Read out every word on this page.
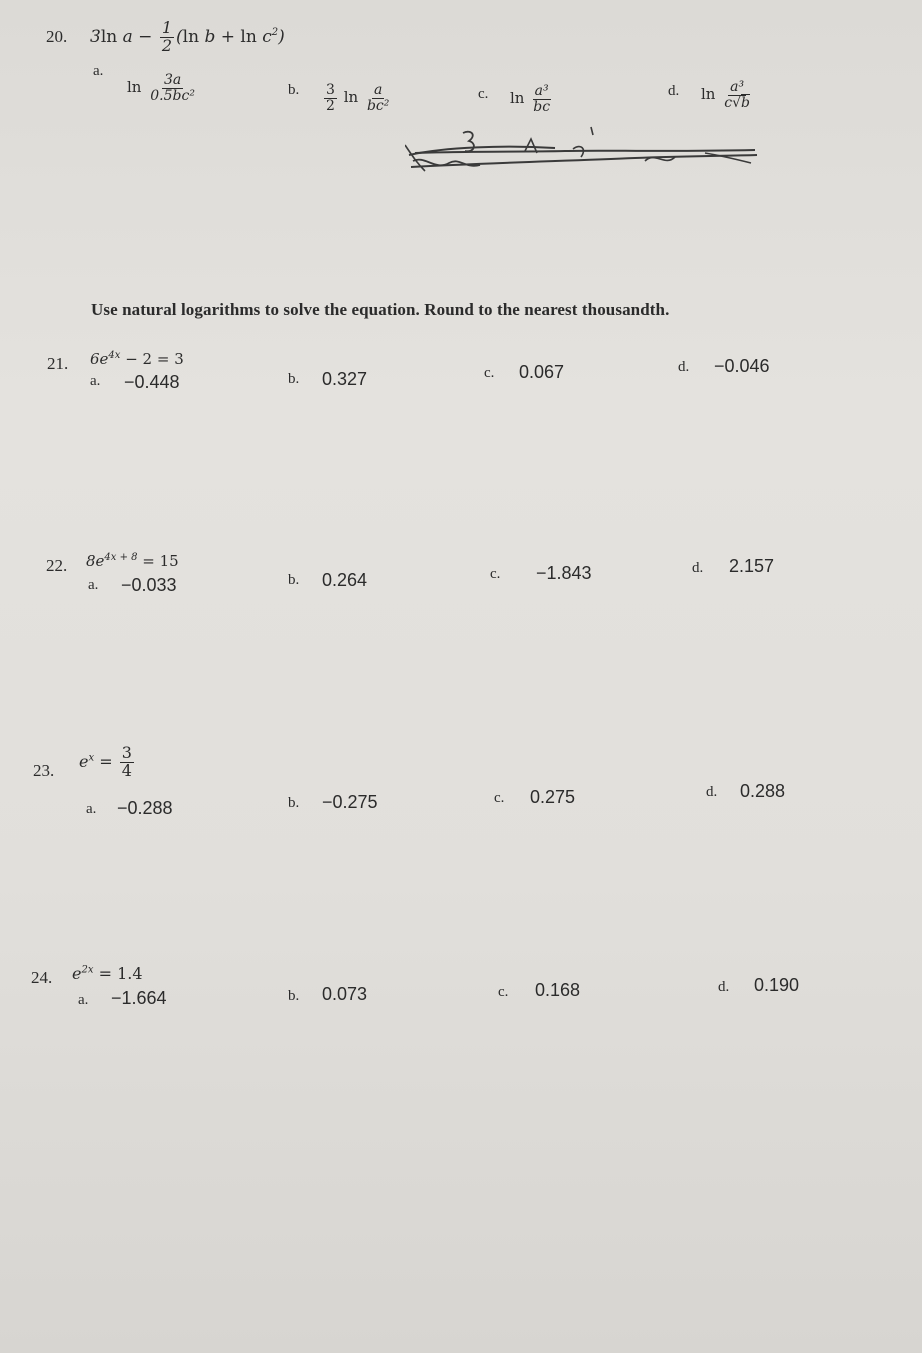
20. 3ln $a - \frac{1}{2} (\ln$ $b + \ln c^2$)
a.
$\ln \frac{3a}{\text{0.5bc²}}$	b. $\frac{3}{2}$ $\ln \frac{a}{\text{bc²}}$	c. $\ln \frac{\text{a³}}{bc}$	d. $\ln \frac{\text{a³}}{c√b}$
Use natural logarithms to solve the equation. Round to the nearest thousandth.
21. $6e^{4x} - 2 = 3$
a. −0.448	b. 0.327	c. 0.067	d. −0.046
22. $8e^{4x + 8} = 15$
a. −0.033	b. 0.264	c. −1.843	d. 2.157
23. $e^x = \frac{3}{4}$
a. −0.288	b. −0.275	c. 0.275	d. 0.288
24. $e^{2x} = 1.4$
a. −1.664	b. 0.073	c. 0.168	d. 0.190
